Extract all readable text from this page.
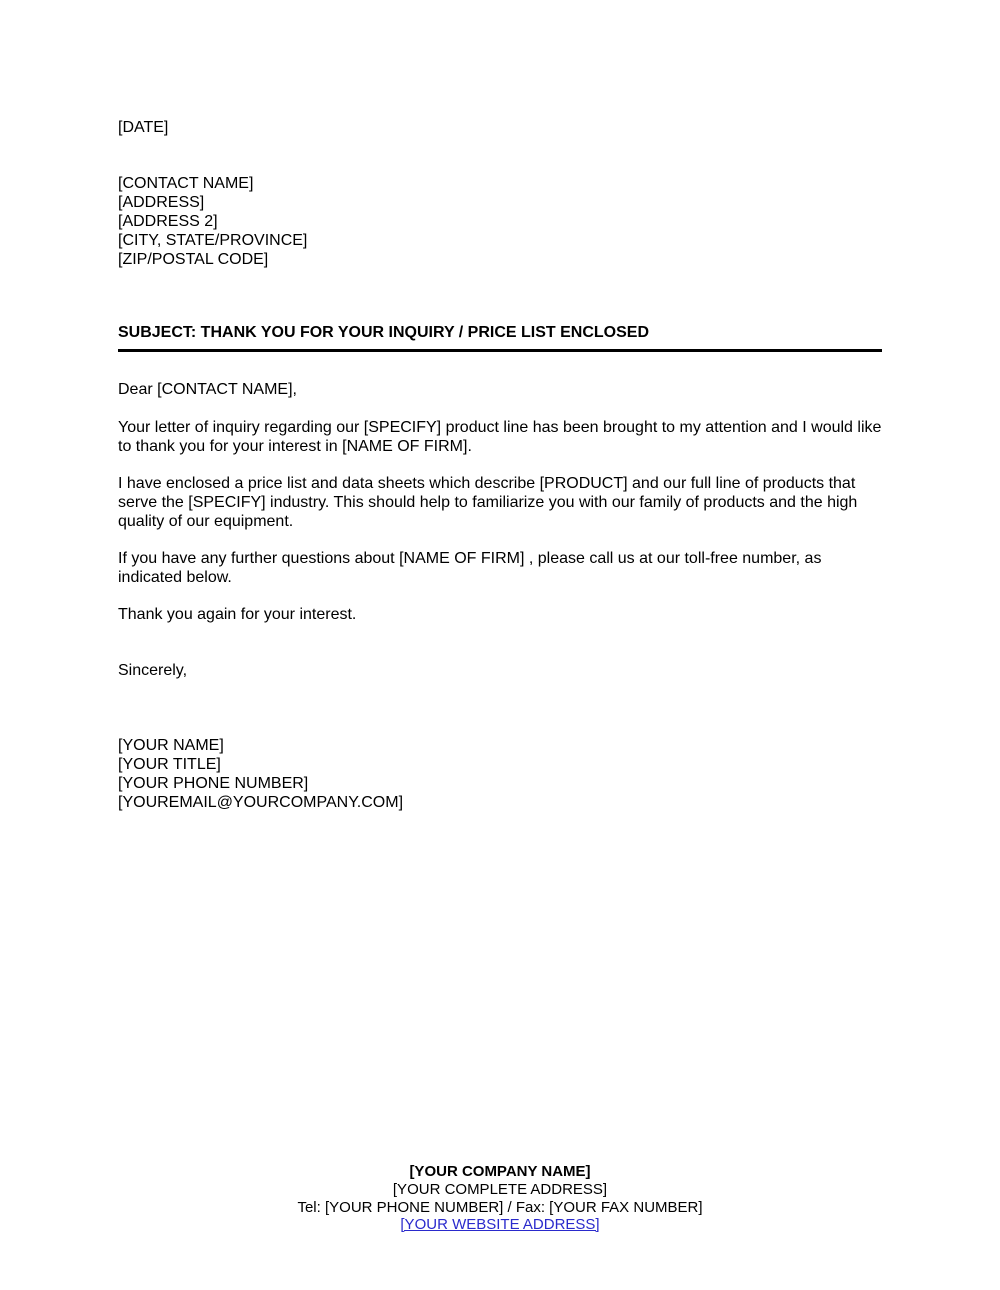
[DATE]
[CONTACT NAME]
[ADDRESS]
[ADDRESS 2]
[CITY, STATE/PROVINCE]
[ZIP/POSTAL CODE]
SUBJECT: THANK YOU FOR YOUR INQUIRY / PRICE LIST ENCLOSED
Dear [CONTACT NAME],
Your letter of inquiry regarding our [SPECIFY] product line has been brought to my attention and I would like to thank you for your interest in [NAME OF FIRM].
I have enclosed a price list and data sheets which describe [PRODUCT] and our full line of products that serve the [SPECIFY] industry. This should help to familiarize you with our family of products and the high quality of our equipment.
If you have any further questions about [NAME OF FIRM] , please call us at our toll-free number, as indicated below.
Thank you again for your interest.
Sincerely,
[YOUR NAME]
[YOUR TITLE]
[YOUR PHONE NUMBER]
[YOUREMAIL@YOURCOMPANY.COM]
[YOUR COMPANY NAME]
[YOUR COMPLETE ADDRESS]
Tel: [YOUR PHONE NUMBER] / Fax: [YOUR FAX NUMBER]
[YOUR WEBSITE ADDRESS]
